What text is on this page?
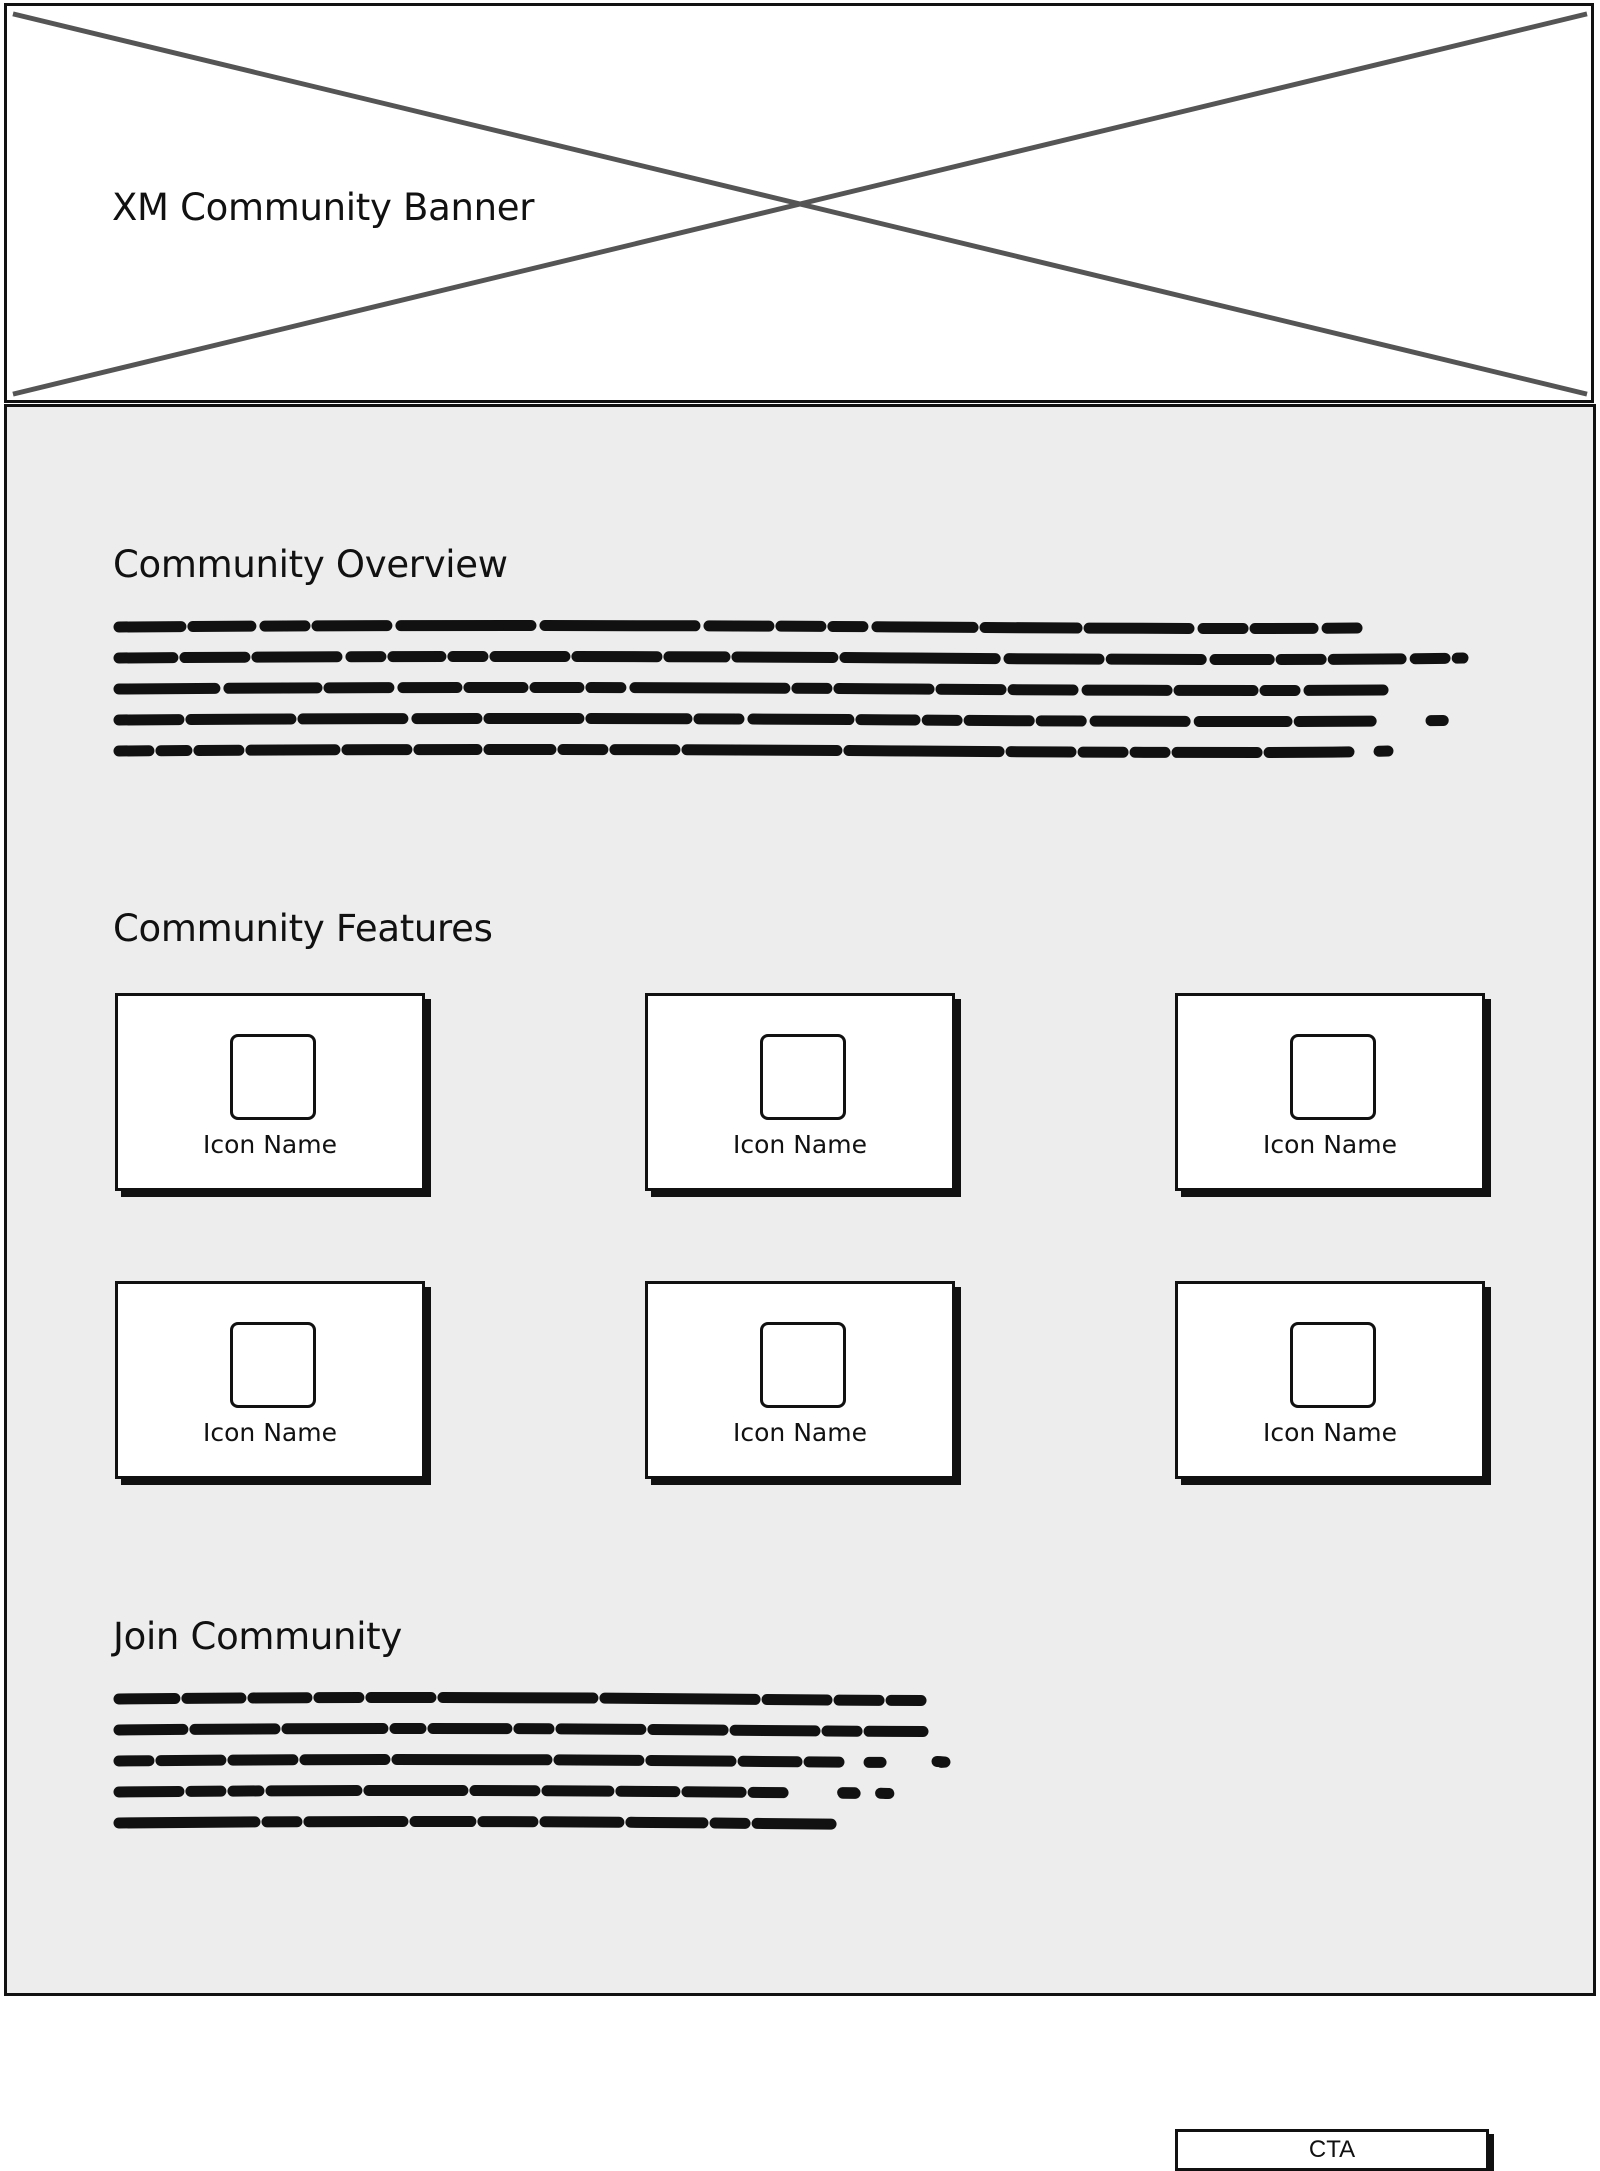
XM Community Banner
Community Overview
Community Features
Icon Name	Icon Name	Icon Name
Icon Name	Icon Name	Icon Name
Join Community
CTA
